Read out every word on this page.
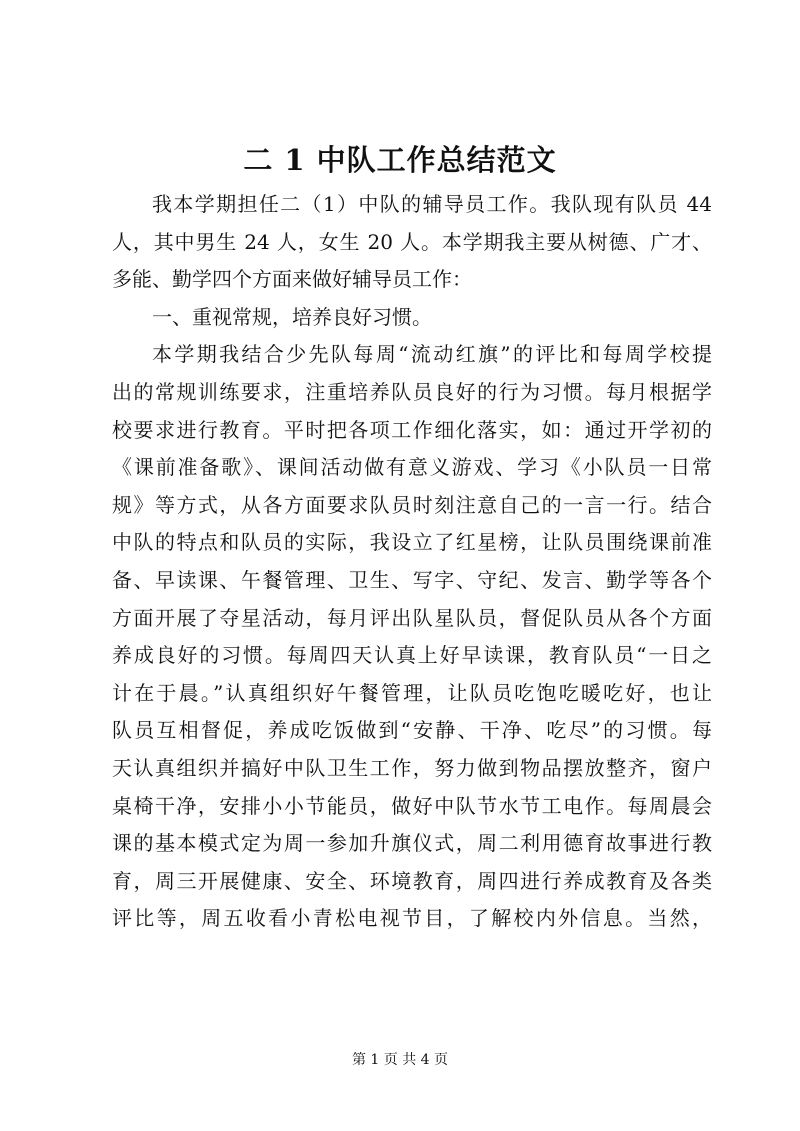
二 1 中队工作总结范文
我本学期担任二（1）中队的辅导员工作。我队现有队员 44
人，其中男生 24 人，女生 20 人。本学期我主要从树德、广才、
多能、勤学四个方面来做好辅导员工作：
一、重视常规，培养良好习惯。
本学期我结合少先队每周“流动红旗”的评比和每周学校提
出的常规训练要求，注重培养队员良好的行为习惯。每月根据学
校要求进行教育。平时把各项工作细化落实，如：通过开学初的
《课前准备歌》、课间活动做有意义游戏、学习《小队员一日常
规》等方式，从各方面要求队员时刻注意自己的一言一行。结合
中队的特点和队员的实际，我设立了红星榜，让队员围绕课前准
备、早读课、午餐管理、卫生、写字、守纪、发言、勤学等各个
方面开展了夺星活动，每月评出队星队员，督促队员从各个方面
养成良好的习惯。每周四天认真上好早读课，教育队员“一日之
计在于晨。”认真组织好午餐管理，让队员吃饱吃暖吃好，也让
队员互相督促，养成吃饭做到“安静、干净、吃尽”的习惯。每
天认真组织并搞好中队卫生工作，努力做到物品摆放整齐，窗户
桌椅干净，安排小小节能员，做好中队节水节工电作。每周晨会
课的基本模式定为周一参加升旗仪式，周二利用德育故事进行教
育，周三开展健康、安全、环境教育，周四进行养成教育及各类
评比等，周五收看小青松电视节目，了解校内外信息。当然，
第 1 页 共 4 页
